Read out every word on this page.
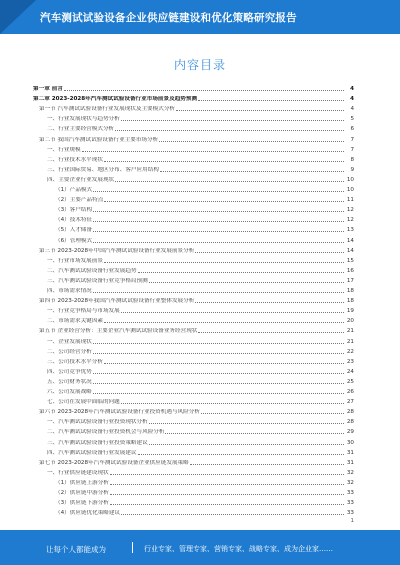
汽车测试试验设备企业供应链建设和优化策略研究报告
内容目录
第一章 前言	4
第二章 2023-2028年汽车测试试验设备行业市场前景及趋势预测	4
第一节 汽车测试试验设备行业发展现状及主要模式分析	4
一、行业发展现状与趋势分析	5
二、行业主要经营模式分析	6
第二节 我国汽车测试试验设备行业主要市场分析	7
一、行业规模	7
二、行业技术水平现状	8
三、行业国际贸易、地区分布、客户应用结构	9
四、主要企业行业发展现状	10
（1）产品模式	10
（2）主要产品特点	11
（3）客户结构	12
（4）技术特征	12
（5）人才储备	13
（6）管理模式	14
第三节 2023-2028年中国汽车测试试验设备行业发展前景分析	14
一、行业市场发展前景	15
二、汽车测试试验设备行业发展趋势	16
三、汽车测试试验设备行业竞争格局预测	17
四、市场需求情况	18
第四节 2023-2028年我国汽车测试试验设备行业整体发展分析	18
一、行业竞争格局与市场发展	19
二、市场需求关键因素	20
第五节 企业经营分析：主要企业汽车测试试验设备业务经营现状	21
一、企业发展现状	21
二、公司经营分析	22
三、公司技术水平分析	23
四、公司竞争优势	24
五、公司财务状况	25
六、公司发展战略	26
七、公司在发展中面临的问题	27
第六节 2023-2028年汽车测试试验设备行业投资机遇与风险分析	28
一、汽车测试试验设备行业投资现状分析	28
二、汽车测试试验设备行业投资机会与风险分析	29
三、汽车测试试验设备行业投资策略建议	30
四、汽车测试试验设备行业发展建议	31
第七节 2023-2028年汽车测试试验设备企业供应链发展策略	31
一、行业供应链建设现状	32
（1）供应链上游分析	32
（2）供应链中游分析	33
（3）供应链下游分析	33
（4）供应链优化策略建议	33
1
让每个人都能成为	行业专家、管理专家、营销专家、战略专家、成为企业家……
